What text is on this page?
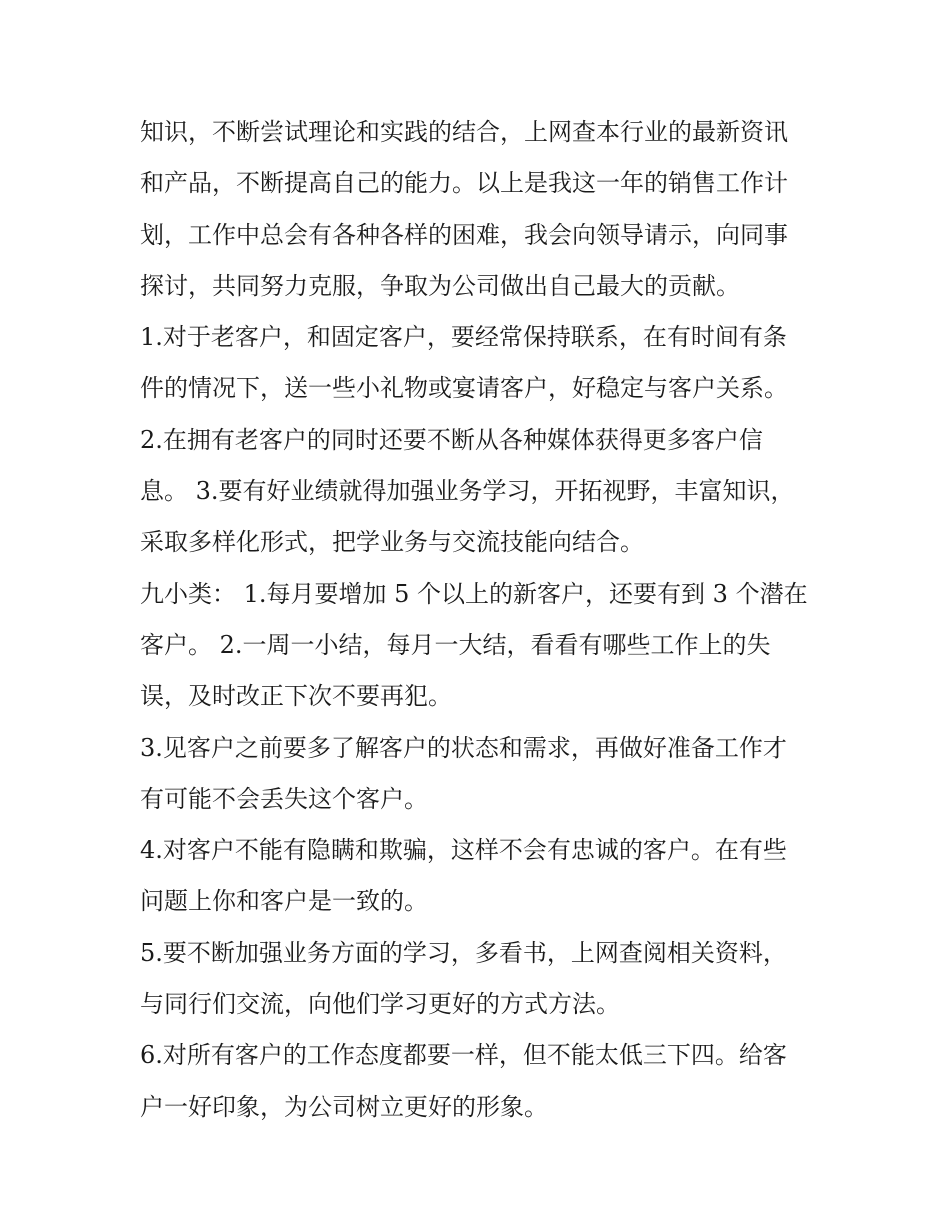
知识，不断尝试理论和实践的结合，上网查本行业的最新资讯
和产品，不断提高自己的能力。以上是我这一年的销售工作计
划，工作中总会有各种各样的困难，我会向领导请示，向同事
探讨，共同努力克服，争取为公司做出自己最大的贡献。
1.对于老客户，和固定客户，要经常保持联系，在有时间有条
件的情况下，送一些小礼物或宴请客户，好稳定与客户关系。
2.在拥有老客户的同时还要不断从各种媒体获得更多客户信
息。 3.要有好业绩就得加强业务学习，开拓视野，丰富知识，
采取多样化形式，把学业务与交流技能向结合。
九小类： 1.每月要增加 5 个以上的新客户，还要有到 3 个潜在
客户。 2.一周一小结，每月一大结，看看有哪些工作上的失
误，及时改正下次不要再犯。
3.见客户之前要多了解客户的状态和需求，再做好准备工作才
有可能不会丢失这个客户。
4.对客户不能有隐瞒和欺骗，这样不会有忠诚的客户。在有些
问题上你和客户是一致的。
5.要不断加强业务方面的学习，多看书，上网查阅相关资料，
与同行们交流，向他们学习更好的方式方法。
6.对所有客户的工作态度都要一样，但不能太低三下四。给客
户一好印象，为公司树立更好的形象。
